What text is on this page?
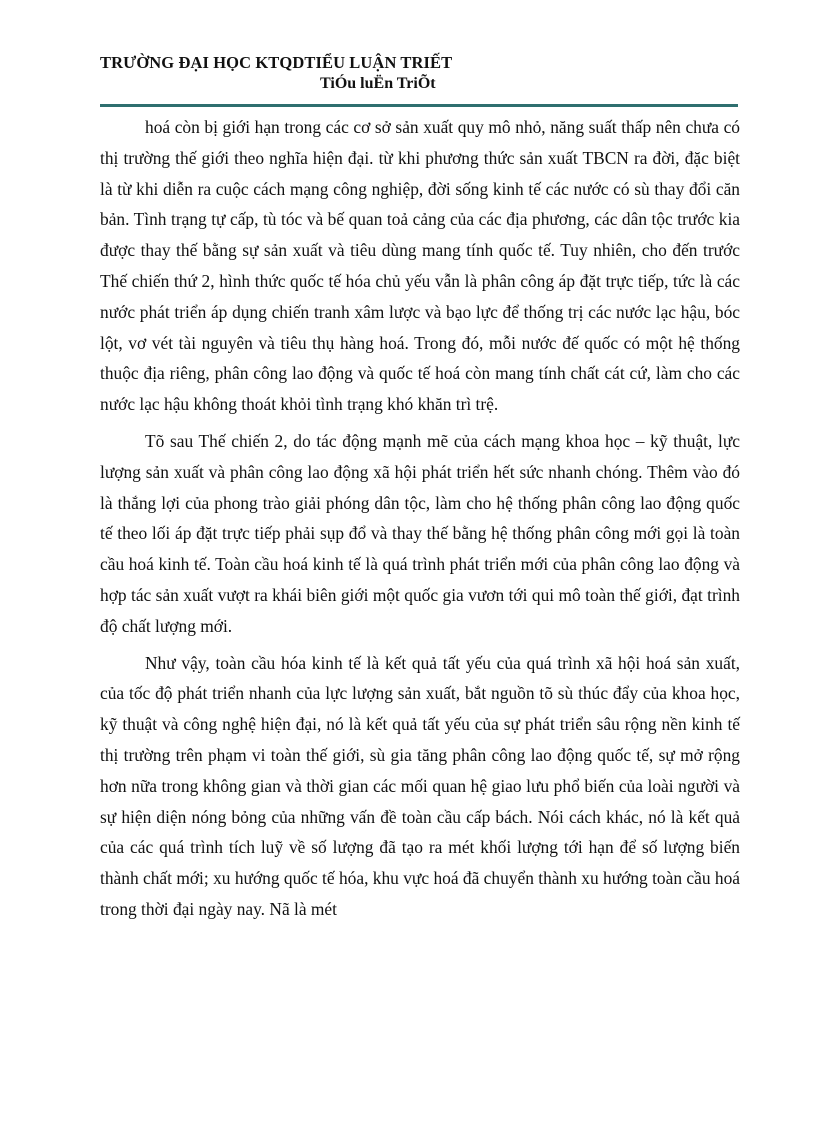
TRƯỜNG ĐẠI HỌC KTQDTIỂU LUẬN TRIẾT
TiÓu luËn TriÕt

hoá còn bị giới hạn trong các cơ sở sản xuất quy mô nhỏ, năng suất thấp nên chưa có thị trường thế giới theo nghĩa hiện đại. từ khi phương thức sản xuất TBCN ra đời, đặc biệt là từ khi diễn ra cuộc cách mạng công nghiệp, đời sống kinh tế các nước có sù thay đổi căn bản. Tình trạng tự cấp, tù tóc và bế quan toả cảng của các địa phương, các dân tộc trước kia được thay thế bằng sự sản xuất và tiêu dùng mang tính quốc tế. Tuy nhiên, cho đến trước Thế chiến thứ 2, hình thức quốc tế hóa chủ yếu vẫn là phân công áp đặt trực tiếp, tức là các nước phát triển áp dụng chiến tranh xâm lược và bạo lực để thống trị các nước lạc hậu, bóc lột, vơ vét tài nguyên và tiêu thụ hàng hoá. Trong đó, mỗi nước đế quốc có một hệ thống thuộc địa riêng, phân công lao động và quốc tế hoá còn mang tính chất cát cứ, làm cho các nước lạc hậu không thoát khỏi tình trạng khó khăn trì trệ.

Tõ sau Thế chiến 2, do tác động mạnh mẽ của cách mạng khoa học – kỹ thuật, lực lượng sản xuất và phân công lao động xã hội phát triển hết sức nhanh chóng. Thêm vào đó là thắng lợi của phong trào giải phóng dân tộc, làm cho hệ thống phân công lao động quốc tế theo lối áp đặt trực tiếp phải sụp đổ và thay thế bằng hệ thống phân công mới gọi là toàn cầu hoá kinh tế. Toàn cầu hoá kinh tế là quá trình phát triển mới của phân công lao động và hợp tác sản xuất vượt ra khái biên giới một quốc gia vươn tới qui mô toàn thế giới, đạt trình độ chất lượng mới.

Như vậy, toàn cầu hóa kinh tế là kết quả tất yếu của quá trình xã hội hoá sản xuất, của tốc độ phát triển nhanh của lực lượng sản xuất, bắt nguồn tõ sù thúc đẩy của khoa học, kỹ thuật và công nghệ hiện đại, nó là kết quả tất yếu của sự phát triển sâu rộng nền kinh tế thị trường trên phạm vi toàn thế giới, sù gia tăng phân công lao động quốc tế, sự mở rộng hơn nữa trong không gian và thời gian các mối quan hệ giao lưu phổ biến của loài người và sự hiện diện nóng bỏng của những vấn đề toàn cầu cấp bách. Nói cách khác, nó là kết quả của các quá trình tích luỹ về số lượng đã tạo ra mét khối lượng tới hạn để số lượng biến thành chất mới; xu hướng quốc tế hóa, khu vực hoá đã chuyển thành xu hướng toàn cầu hoá trong thời đại ngày nay. Nã là mét
